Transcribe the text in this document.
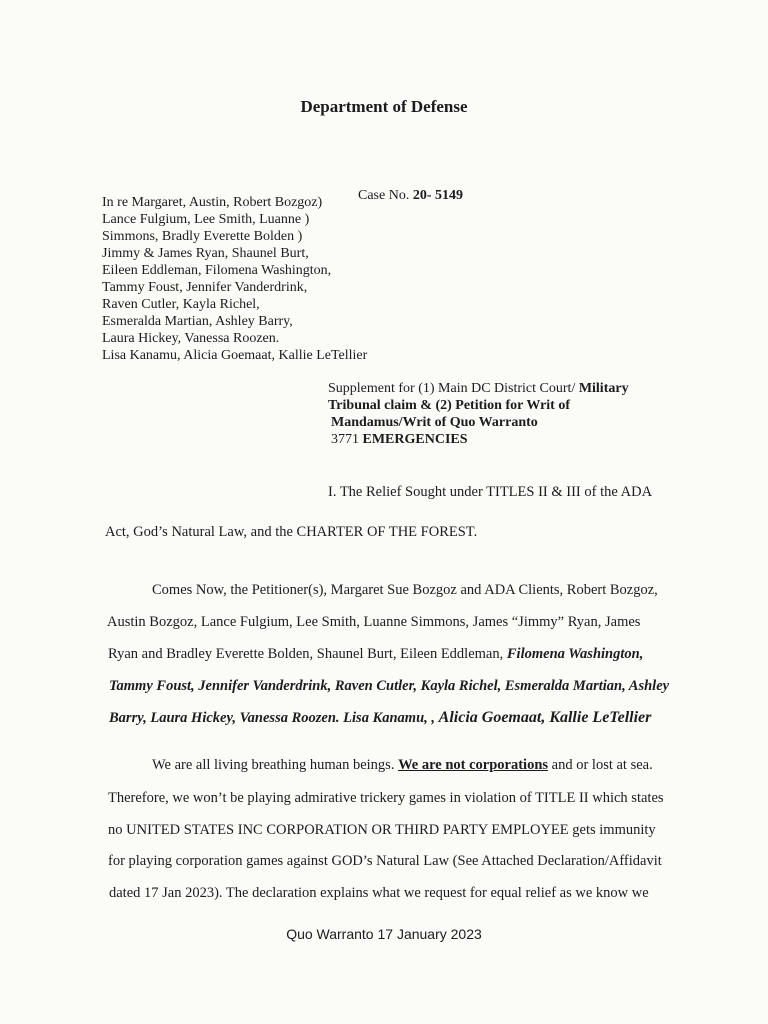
Department of Defense
In re Margaret, Austin, Robert Bozgoz)
Lance Fulgium, Lee Smith, Luanne )
Simmons, Bradly Everette Bolden )
Jimmy & James Ryan, Shaunel Burt,
Eileen Eddleman, Filomena Washington,
Tammy Foust, Jennifer Vanderdrink,
Raven Cutler, Kayla Richel,
Esmeralda Martian, Ashley Barry,
Laura Hickey, Vanessa Roozen.
Lisa Kanamu, Alicia Goemaat, Kallie LeTellier
Case No. 20- 5149
Supplement for (1) Main DC District Court/ Military
Tribunal claim & (2) Petition for Writ of
Mandamus/Writ of Quo Warranto
3771 EMERGENCIES
I. The Relief Sought under TITLES II & III of the ADA
Act, God’s Natural Law, and the CHARTER OF THE FOREST.
Comes Now, the Petitioner(s), Margaret Sue Bozgoz and ADA Clients, Robert Bozgoz,
Austin Bozgoz, Lance Fulgium, Lee Smith, Luanne Simmons, James “Jimmy” Ryan, James
Ryan and Bradley Everette Bolden, Shaunel Burt, Eileen Eddleman, Filomena Washington,
Tammy Foust, Jennifer Vanderdrink, Raven Cutler, Kayla Richel, Esmeralda Martian, Ashley
Barry, Laura Hickey, Vanessa Roozen. Lisa Kanamu, , Alicia Goemaat, Kallie LeTellier
We are all living breathing human beings. We are not corporations and or lost at sea.
Therefore, we won’t be playing admirative trickery games in violation of TITLE II which states
no UNITED STATES INC CORPORATION OR THIRD PARTY EMPLOYEE gets immunity
for playing corporation games against GOD’s Natural Law (See Attached Declaration/Affidavit
dated 17 Jan 2023). The declaration explains what we request for equal relief as we know we
Quo Warranto 17 January 2023
